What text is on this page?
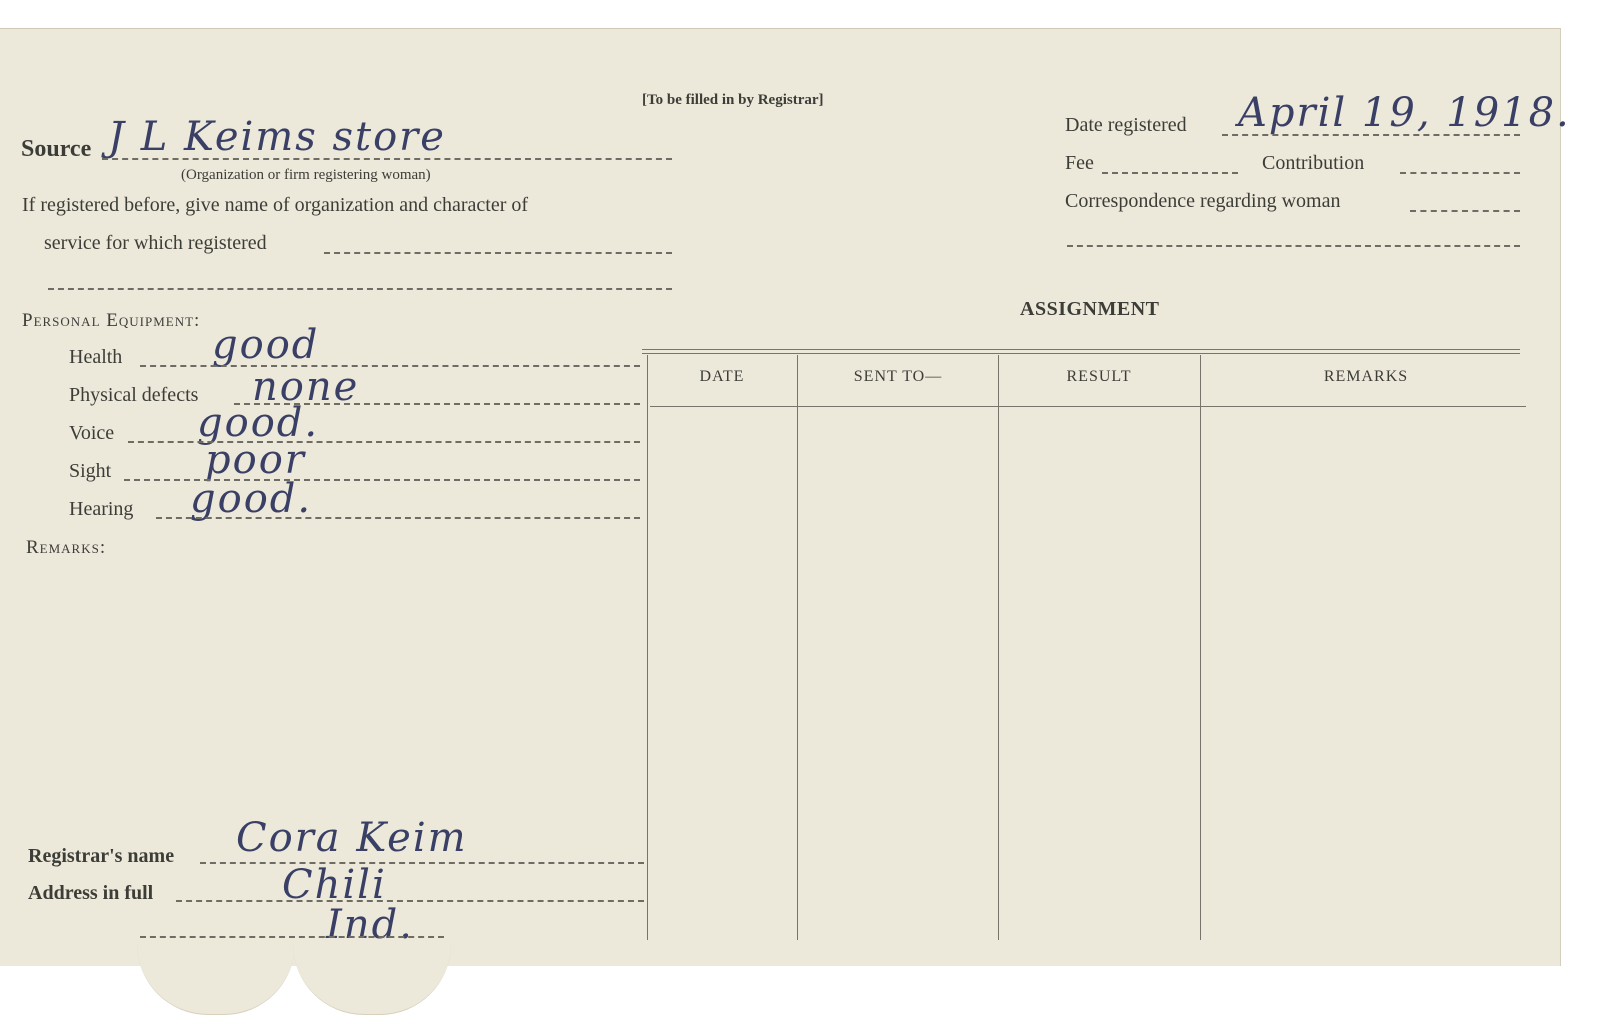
[To be filled in by Registrar]
Source J L Keims store
(Organization or firm registering woman)
If registered before, give name of organization and character of
service for which registered
Date registered April 19, 1918.
Fee	Contribution
Correspondence regarding woman
Personal Equipment:
Health good
Physical defects none
Voice good.
Sight poor
Hearing good.
Remarks:
ASSIGNMENT
DATE	SENT TO—	RESULT	REMARKS
Registrar's name Cora Keim
Address in full	Chili
Ind.
